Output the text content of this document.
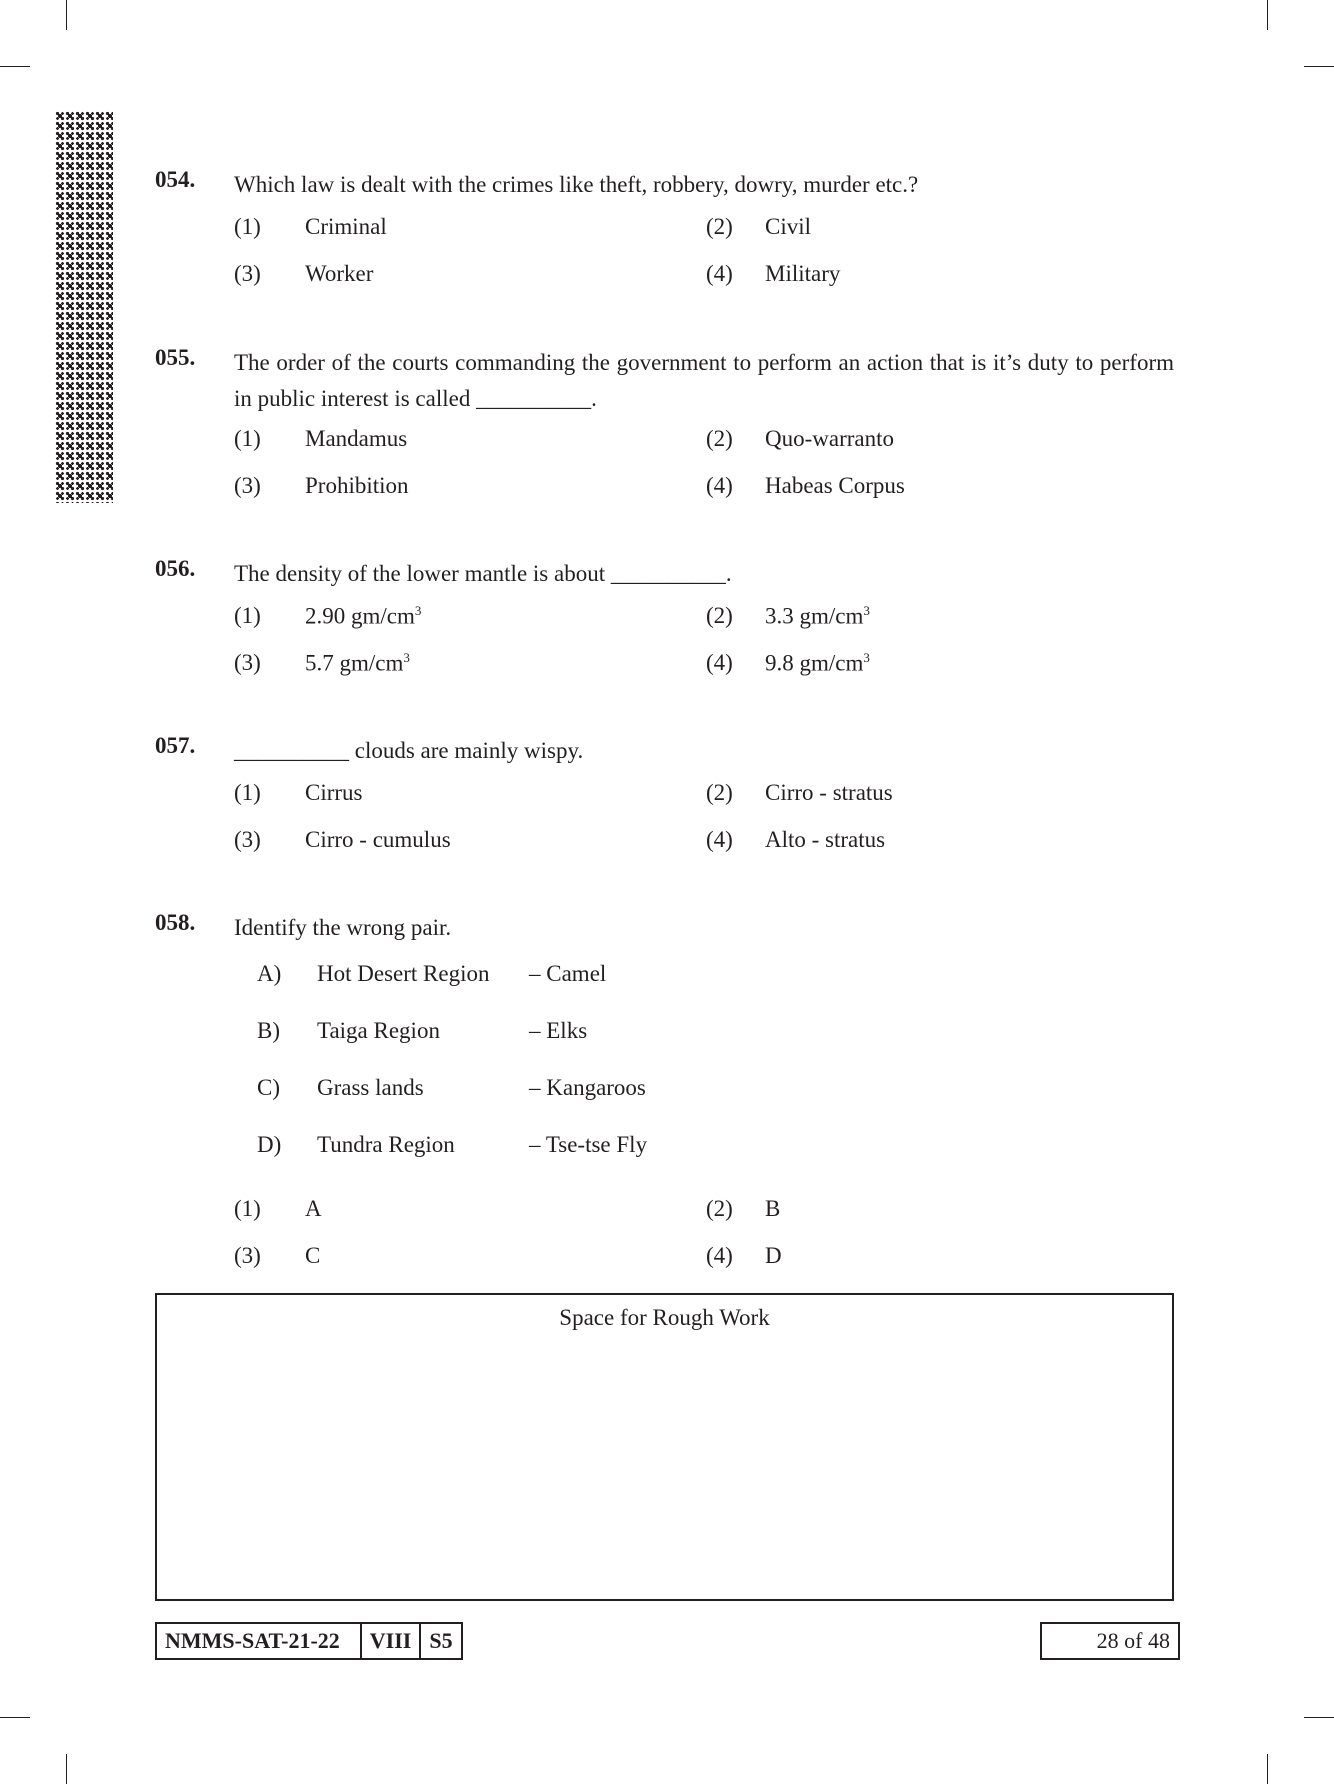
054. Which law is dealt with the crimes like theft, robbery, dowry, murder etc.?
(1) Criminal	(2) Civil
(3) Worker	(4) Military
055. The order of the courts commanding the government to perform an action that is it’s duty to perform in public interest is called __________.
(1) Mandamus	(2) Quo-warranto
(3) Prohibition	(4) Habeas Corpus
056. The density of the lower mantle is about __________.
(1) 2.90 $gm/cm^3$	(2) 3.3 $gm/cm^3$
(3) 5.7 $gm/cm^3$	(4) 9.8 $gm/cm^3$
057. __________ clouds are mainly wispy.
(1) Cirrus	(2) Cirro - stratus
(3) Cirro - cumulus	(4) Alto - stratus
058. Identify the wrong pair.
A) Hot Desert Region – Camel
B) Taiga Region	– Elks
C) Grass lands	– Kangaroos
D) Tundra Region	– Tse-tse Fly
(1) A	(2) B
(3) C	(4) D
Space for Rough Work
NMMS-SAT-21-22	VIII S5	28 of 48
